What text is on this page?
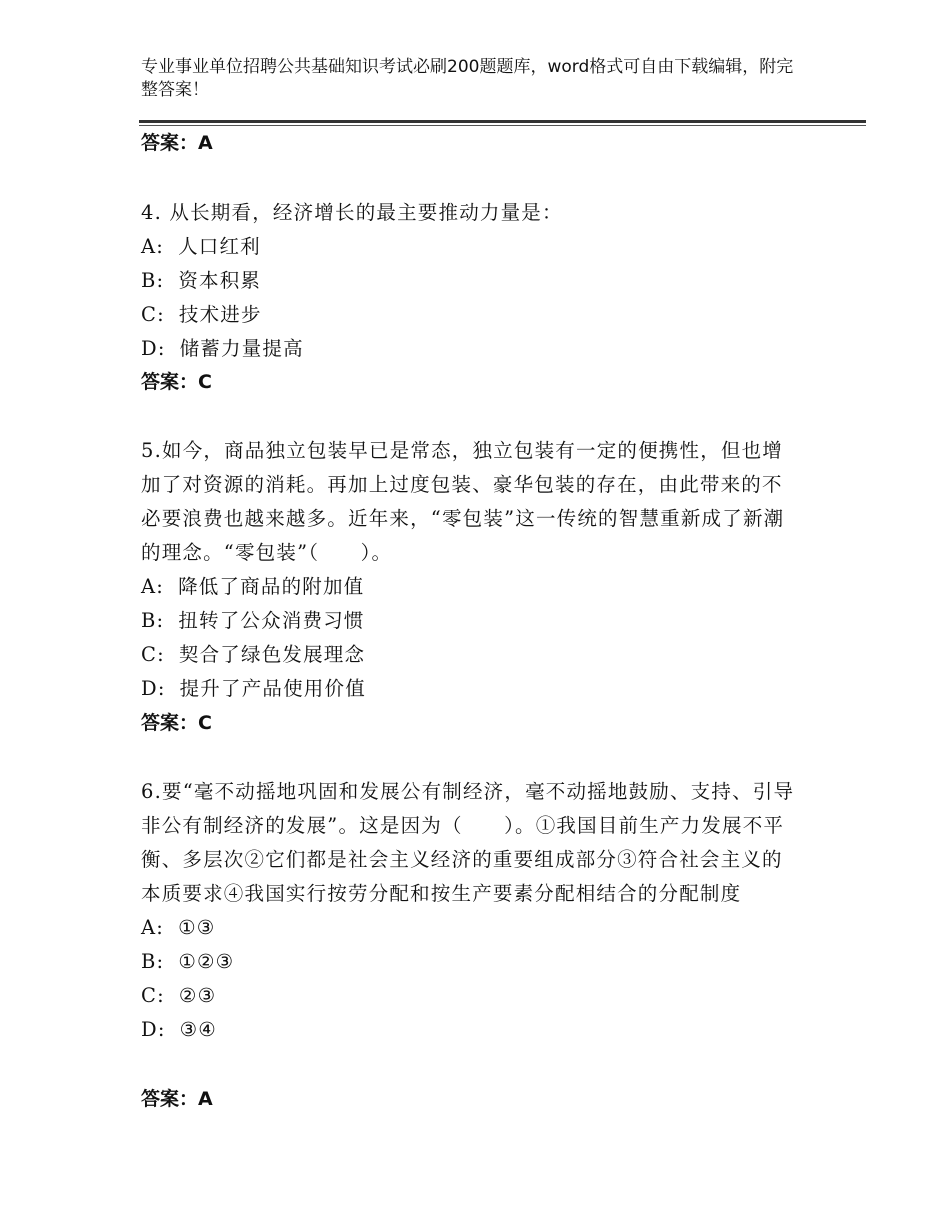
专业事业单位招聘公共基础知识考试必刷200题题库，word格式可自由下载编辑，附完整答案！
答案：A

4. 从长期看，经济增长的最主要推动力量是：

A: 人口红利

B: 资本积累

C: 技术进步

D: 储蓄力量提高

答案：C

5.如今，商品独立包装早已是常态，独立包装有一定的便携性，但也增加了对资源的消耗。再加上过度包装、豪华包装的存在，由此带来的不必要浪费也越来越多。近年来，“零包装”这一传统的智慧重新成了新潮的理念。“零包装”（　　）。

A: 降低了商品的附加值

B: 扭转了公众消费习惯

C: 契合了绿色发展理念

D: 提升了产品使用价值

答案：C

6.要“毫不动摇地巩固和发展公有制经济，毫不动摇地鼓励、支持、引导非公有制经济的发展”。这是因为（　　）。①我国目前生产力发展不平衡、多层次②它们都是社会主义经济的重要组成部分③符合社会主义的本质要求④我国实行按劳分配和按生产要素分配相结合的分配制度

A: ①③

B: ①②③

C: ②③

D: ③④

答案：A
